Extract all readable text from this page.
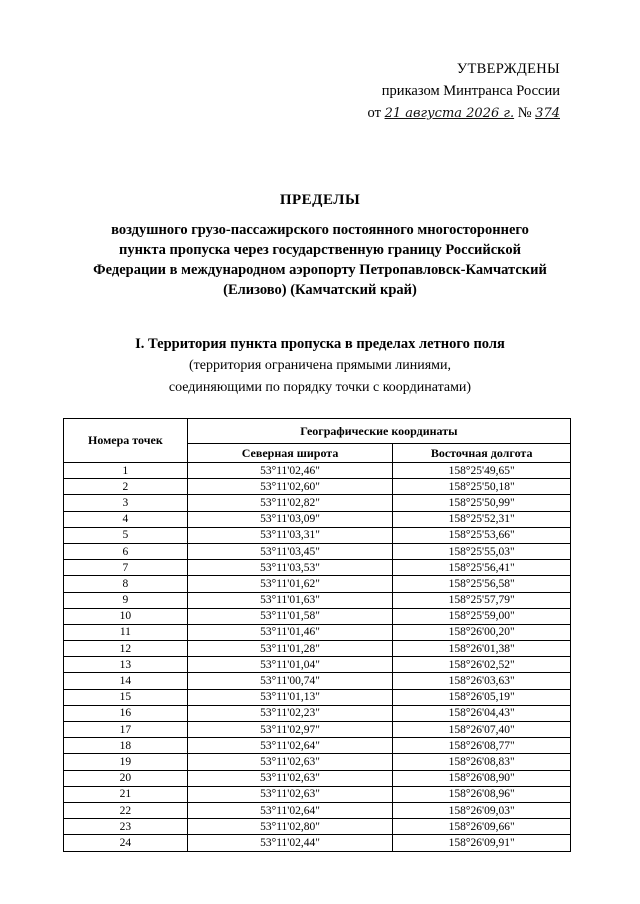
УТВЕРЖДЕНЫ
приказом Минтранса России
от 21 августа 2026 г. № 374
ПРЕДЕЛЫ
воздушного грузо-пассажирского постоянного многостороннего
пункта пропуска через государственную границу Российской
Федерации в международном аэропорту Петропавловск-Камчатский
(Елизово) (Камчатский край)
I. Территория пункта пропуска в пределах летного поля
(территория ограничена прямыми линиями,
соединяющими по порядку точки с координатами)
Номера точек	Географические координаты	
	Северная широта	Восточная долгота
1	53°11'02,46"	158°25'49,65"
2	53°11'02,60"	158°25'50,18"
3	53°11'02,82"	158°25'50,99"
4	53°11'03,09"	158°25'52,31"
5	53°11'03,31"	158°25'53,66"
6	53°11'03,45"	158°25'55,03"
7	53°11'03,53"	158°25'56,41"
8	53°11'01,62"	158°25'56,58"
9	53°11'01,63"	158°25'57,79"
10	53°11'01,58"	158°25'59,00"
11	53°11'01,46"	158°26'00,20"
12	53°11'01,28"	158°26'01,38"
13	53°11'01,04"	158°26'02,52"
14	53°11'00,74"	158°26'03,63"
15	53°11'01,13"	158°26'05,19"
16	53°11'02,23"	158°26'04,43"
17	53°11'02,97"	158°26'07,40"
18	53°11'02,64"	158°26'08,77"
19	53°11'02,63"	158°26'08,83"
20	53°11'02,63"	158°26'08,90"
21	53°11'02,63"	158°26'08,96"
22	53°11'02,64"	158°26'09,03"
23	53°11'02,80"	158°26'09,66"
24	53°11'02,44"	158°26'09,91"
